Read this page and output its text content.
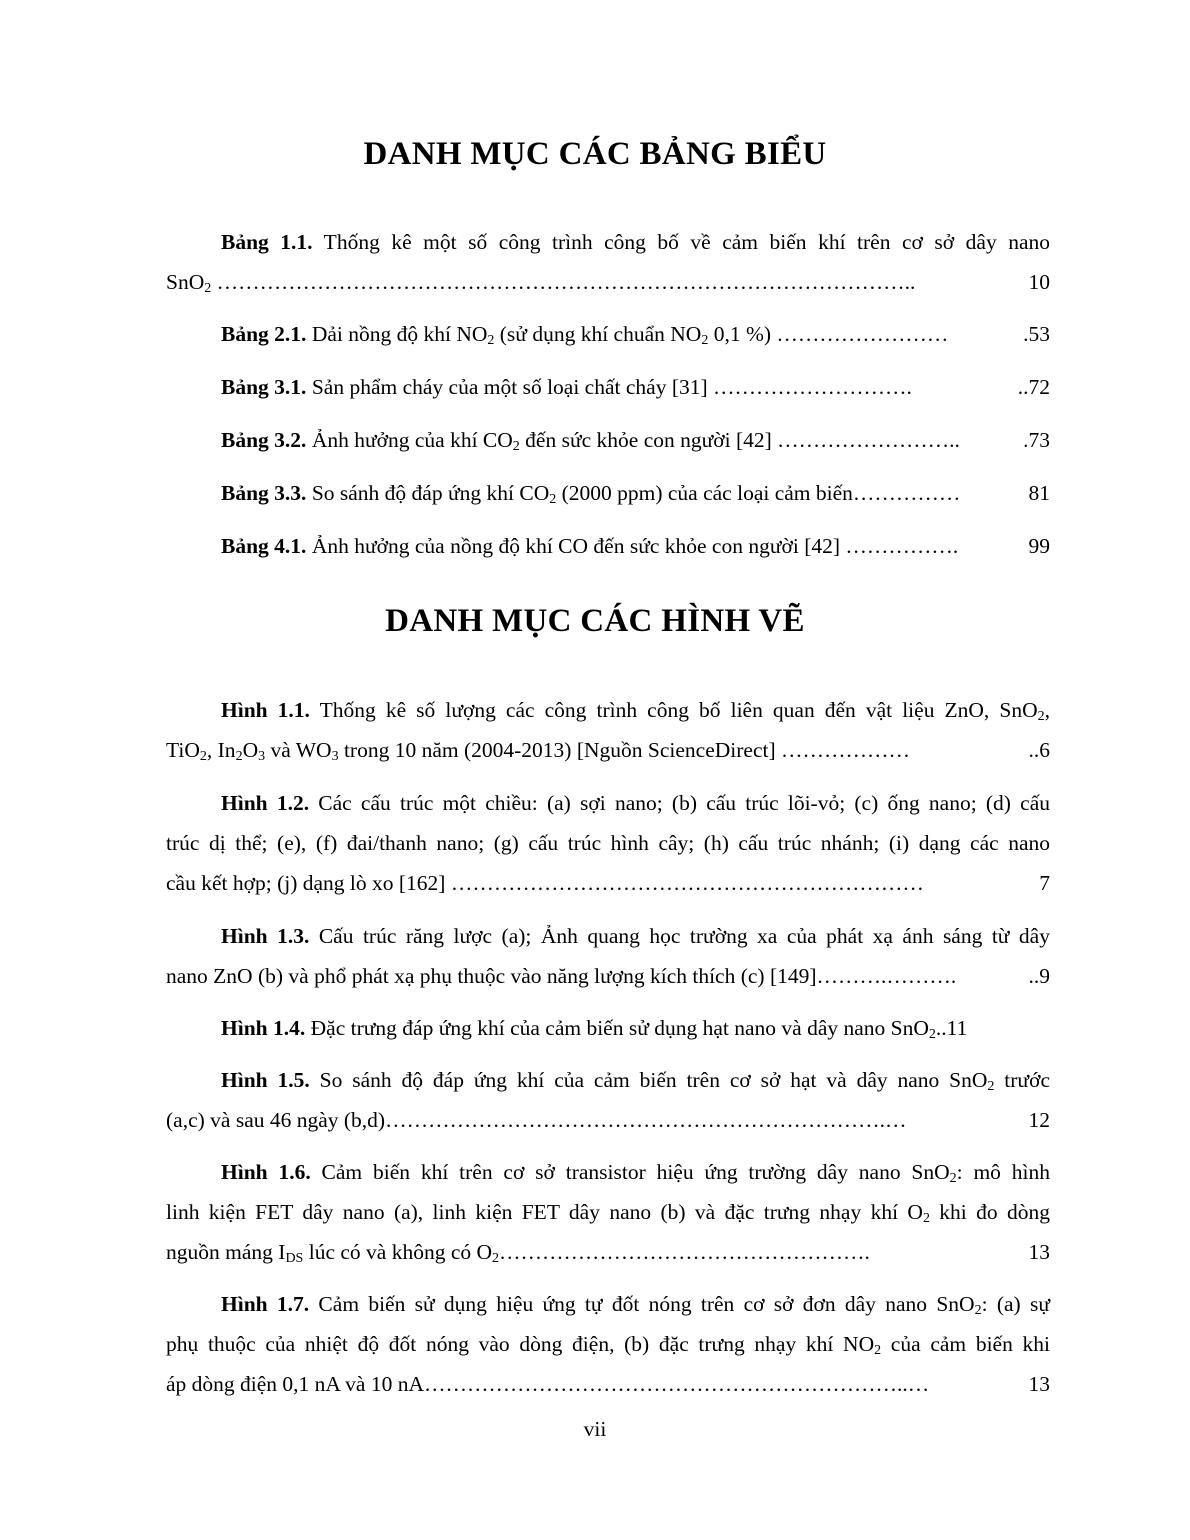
DANH MỤC CÁC BẢNG BIỂU
Bảng 1.1. Thống kê một số công trình công bố về cảm biến khí trên cơ sở dây nano
SnO$_2$ ……………………………………………………………………………………..	10
Bảng 2.1. Dải nồng độ khí $NO_2$ (sử dụng khí chuẩn $NO_2$ 0,1 %) ……………………	.53
Bảng 3.1. Sản phẩm cháy của một số loại chất cháy [31] ……………………….	..72
Bảng 3.2. Ảnh hưởng của khí $CO_2$ đến sức khỏe con người [42] ……………………..	.73
Bảng 3.3. So sánh độ đáp ứng khí $CO_2$ (2000 ppm) của các loại cảm biến……………	81
Bảng 4.1. Ảnh hưởng của nồng độ khí CO đến sức khỏe con người [42] …………….	99
DANH MỤC CÁC HÌNH VẼ
Hình 1.1. Thống kê số lượng các công trình công bố liên quan đến vật liệu ZnO, SnO$_2$,
TiO$_2$, $In_2O_3$ và $WO_3$ trong 10 năm (2004-2013) [Nguồn ScienceDirect] ………………	..6
Hình 1.2. Các cấu trúc một chiều: (a) sợi nano; (b) cấu trúc lõi-vỏ; (c) ống nano; (d) cấu
trúc dị thể; (e), (f) đai/thanh nano; (g) cấu trúc hình cây; (h) cấu trúc nhánh; (i) dạng các nano
cầu kết hợp; (j) dạng lò xo [162] …………………………………………………………	7
Hình 1.3. Cấu trúc răng lược (a); Ảnh quang học trường xa của phát xạ ánh sáng từ dây
nano ZnO (b) và phổ phát xạ phụ thuộc vào năng lượng kích thích (c) [149]……….……….	..9
Hình 1.4. Đặc trưng đáp ứng khí của cảm biến sử dụng hạt nano và dây nano SnO$_2$..11
Hình 1.5. So sánh độ đáp ứng khí của cảm biến trên cơ sở hạt và dây nano SnO$_2$ trước
(a,c) và sau 46 ngày (b,d)…………………………………………………………….…	12
Hình 1.6. Cảm biến khí trên cơ sở transistor hiệu ứng trường dây nano SnO$_2$: mô hình
linh kiện FET dây nano (a), linh kiện FET dây nano (b) và đặc trưng nhạy khí $O_2$ khi đo dòng
nguồn máng $I_{DS}$ lúc có và không có $O_2\dots\dots\dots\dots\dots\dots\dots\dots\dots\dots\dots\dots\dots\dots\dots\dots\dots$.	13
Hình 1.7. Cảm biến sử dụng hiệu ứng tự đốt nóng trên cơ sở đơn dây nano SnO$_2$: (a) sự
phụ thuộc của nhiệt độ đốt nóng vào dòng điện, (b) đặc trưng nhạy khí $NO_2$ của cảm biến khi
áp dòng điện 0,1 nA và 10 nA…………………………………………………………..…	13
vii
